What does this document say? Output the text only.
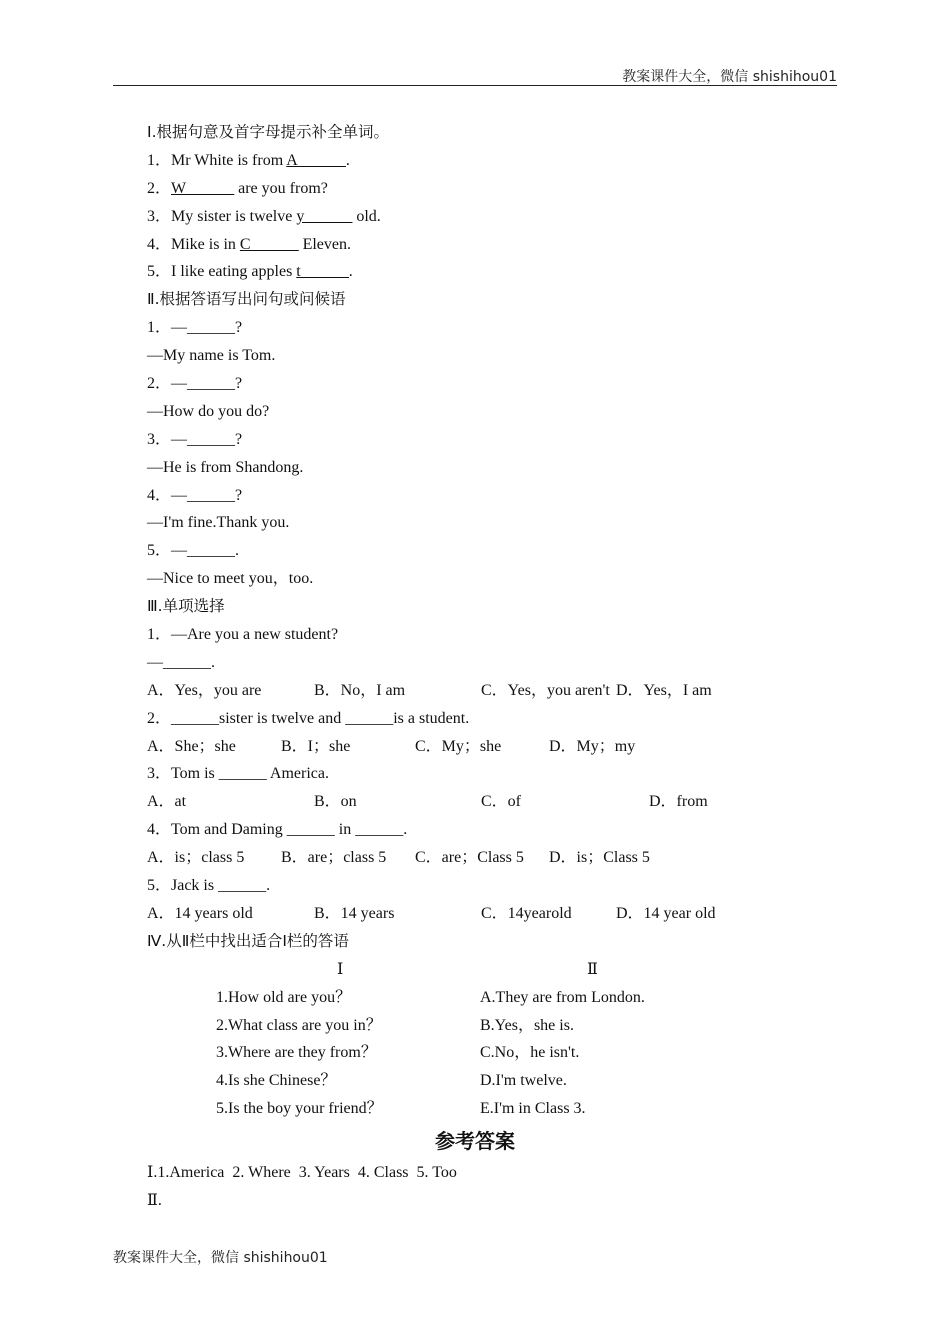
教案课件大全，微信 shishihou01
Ⅰ.根据句意及首字母提示补全单词。
1．Mr White is from A______.
2．W______ are you from?
3．My sister is twelve y______ old.
4．Mike is in C______ Eleven.
5．I like eating apples t______.
Ⅱ.根据答语写出问句或问候语
1．—______?
—My name is Tom.
2．—______?
—How do you do?
3．—______?
—He is from Shandong.
4．—______?
—I'm fine.Thank you.
5．—______.
—Nice to meet you，too.
Ⅲ.单项选择
1．—Are you a new student?
—______.
A．Yes，you are	B．No，I am	C．Yes，you aren't D．Yes，I am
2．______sister is twelve and ______is a student.
A．She；she	B．I；she	C．My；she	D．My；my
3．Tom is ______ America.
A．at	B．on	C．of	D．from
4．Tom and Daming ______ in ______.
A．is；class 5	B．are；class 5	C．are；Class 5	D．is；Class 5
5．Jack is ______.
A．14 years old	B．14 years	C．14yearold	D．14 year old
Ⅳ.从Ⅱ栏中找出适合Ⅰ栏的答语
Ⅰ	Ⅱ
1.How old are you？	A.They are from London.
2.What class are you in？	B.Yes，she is.
3.Where are they from？	C.No，he isn't.
4.Is she Chinese？	D.I'm twelve.
5.Is the boy your friend？	E.I'm in Class 3.
参考答案
Ⅰ.1.America  2. Where  3. Years  4. Class  5. Too
Ⅱ.
教案课件大全，微信 shishihou01
